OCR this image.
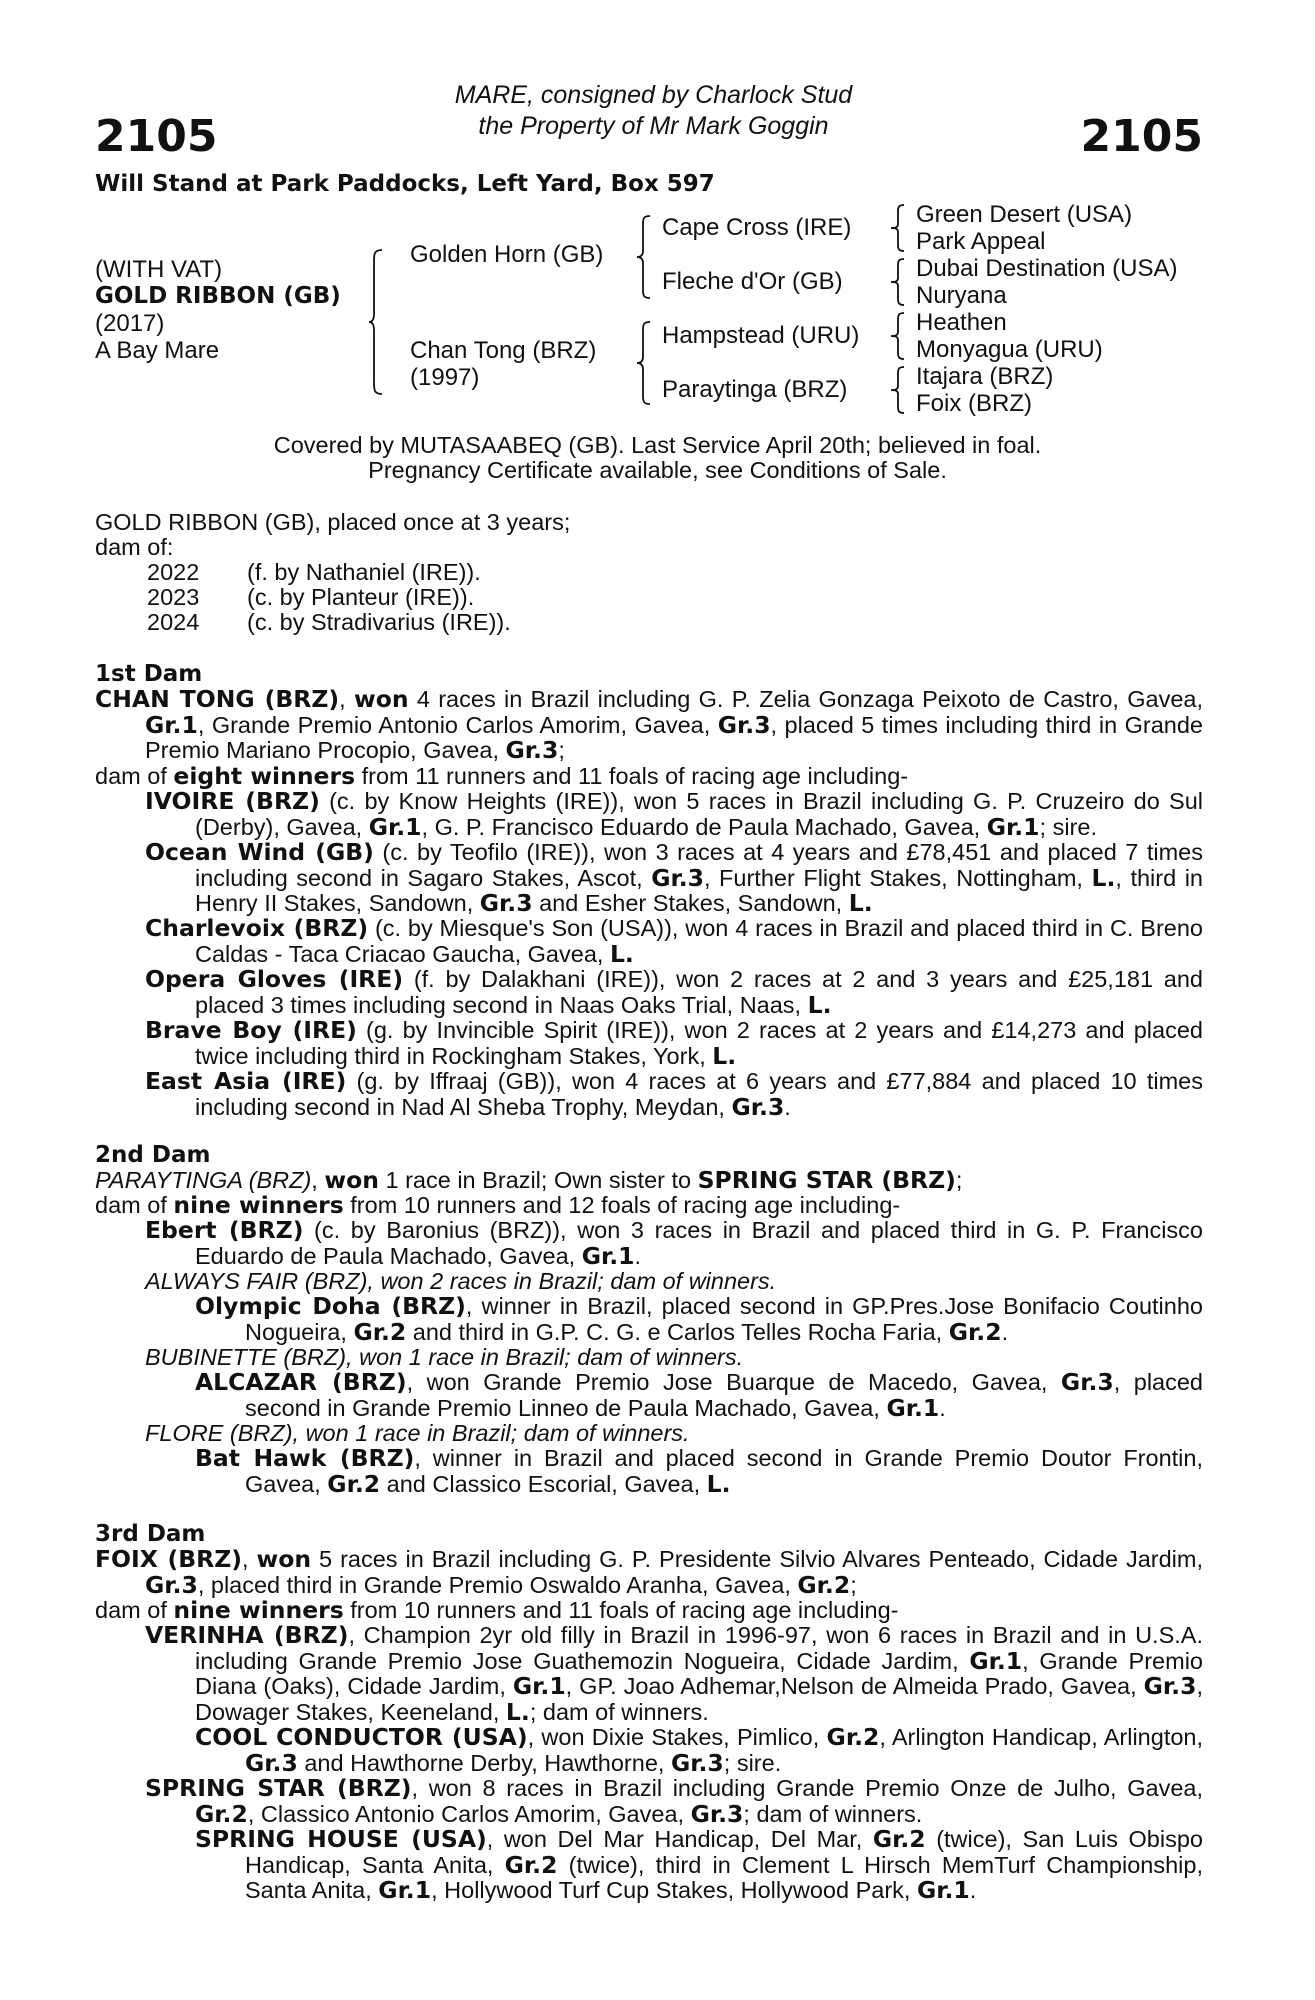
2105	2105
MARE, consigned by Charlock Stud
the Property of Mr Mark Goggin
Will Stand at Park Paddocks, Left Yard, Box 597
(WITH VAT)
GOLD RIBBON (GB)
(2017)
A Bay Mare
Golden Horn (GB)
Chan Tong (BRZ)
(1997)
Cape Cross (IRE)
Fleche d'Or (GB)
Hampstead (URU)
Paraytinga (BRZ)
Green Desert (USA)
Park Appeal
Dubai Destination (USA)
Nuryana
Heathen
Monyagua (URU)
Itajara (BRZ)
Foix (BRZ)
Covered by MUTASAABEQ (GB). Last Service April 20th; believed in foal.
Pregnancy Certificate available, see Conditions of Sale.
GOLD RIBBON (GB), placed once at 3 years;
dam of:
2022 (f. by Nathaniel (IRE)).
2023 (c. by Planteur (IRE)).
2024 (c. by Stradivarius (IRE)).
1st Dam
CHAN TONG (BRZ), won 4 races in Brazil including G. P. Zelia Gonzaga Peixoto de Castro, Gavea, Gr.1, Grande Premio Antonio Carlos Amorim, Gavea, Gr.3, placed 5 times including third in Grande Premio Mariano Procopio, Gavea, Gr.3;
dam of eight winners from 11 runners and 11 foals of racing age including-
IVOIRE (BRZ) (c. by Know Heights (IRE)), won 5 races in Brazil including G. P. Cruzeiro do Sul (Derby), Gavea, Gr.1, G. P. Francisco Eduardo de Paula Machado, Gavea, Gr.1; sire.
Ocean Wind (GB) (c. by Teofilo (IRE)), won 3 races at 4 years and £78,451 and placed 7 times including second in Sagaro Stakes, Ascot, Gr.3, Further Flight Stakes, Nottingham, L., third in Henry II Stakes, Sandown, Gr.3 and Esher Stakes, Sandown, L.
Charlevoix (BRZ) (c. by Miesque's Son (USA)), won 4 races in Brazil and placed third in C. Breno Caldas - Taca Criacao Gaucha, Gavea, L.
Opera Gloves (IRE) (f. by Dalakhani (IRE)), won 2 races at 2 and 3 years and £25,181 and placed 3 times including second in Naas Oaks Trial, Naas, L.
Brave Boy (IRE) (g. by Invincible Spirit (IRE)), won 2 races at 2 years and £14,273 and placed twice including third in Rockingham Stakes, York, L.
East Asia (IRE) (g. by Iffraaj (GB)), won 4 races at 6 years and £77,884 and placed 10 times including second in Nad Al Sheba Trophy, Meydan, Gr.3.
2nd Dam
PARAYTINGA (BRZ), won 1 race in Brazil; Own sister to SPRING STAR (BRZ);
dam of nine winners from 10 runners and 12 foals of racing age including-
Ebert (BRZ) (c. by Baronius (BRZ)), won 3 races in Brazil and placed third in G. P. Francisco Eduardo de Paula Machado, Gavea, Gr.1.
ALWAYS FAIR (BRZ), won 2 races in Brazil; dam of winners.
Olympic Doha (BRZ), winner in Brazil, placed second in GP.Pres.Jose Bonifacio Coutinho Nogueira, Gr.2 and third in G.P. C. G. e Carlos Telles Rocha Faria, Gr.2.
BUBINETTE (BRZ), won 1 race in Brazil; dam of winners.
ALCAZAR (BRZ), won Grande Premio Jose Buarque de Macedo, Gavea, Gr.3, placed second in Grande Premio Linneo de Paula Machado, Gavea, Gr.1.
FLORE (BRZ), won 1 race in Brazil; dam of winners.
Bat Hawk (BRZ), winner in Brazil and placed second in Grande Premio Doutor Frontin, Gavea, Gr.2 and Classico Escorial, Gavea, L.
3rd Dam
FOIX (BRZ), won 5 races in Brazil including G. P. Presidente Silvio Alvares Penteado, Cidade Jardim, Gr.3, placed third in Grande Premio Oswaldo Aranha, Gavea, Gr.2;
dam of nine winners from 10 runners and 11 foals of racing age including-
VERINHA (BRZ), Champion 2yr old filly in Brazil in 1996-97, won 6 races in Brazil and in U.S.A. including Grande Premio Jose Guathemozin Nogueira, Cidade Jardim, Gr.1, Grande Premio Diana (Oaks), Cidade Jardim, Gr.1, GP. Joao Adhemar,Nelson de Almeida Prado, Gavea, Gr.3, Dowager Stakes, Keeneland, L.; dam of winners.
COOL CONDUCTOR (USA), won Dixie Stakes, Pimlico, Gr.2, Arlington Handicap, Arlington, Gr.3 and Hawthorne Derby, Hawthorne, Gr.3; sire.
SPRING STAR (BRZ), won 8 races in Brazil including Grande Premio Onze de Julho, Gavea, Gr.2, Classico Antonio Carlos Amorim, Gavea, Gr.3; dam of winners.
SPRING HOUSE (USA), won Del Mar Handicap, Del Mar, Gr.2 (twice), San Luis Obispo Handicap, Santa Anita, Gr.2 (twice), third in Clement L Hirsch MemTurf Championship, Santa Anita, Gr.1, Hollywood Turf Cup Stakes, Hollywood Park, Gr.1.
